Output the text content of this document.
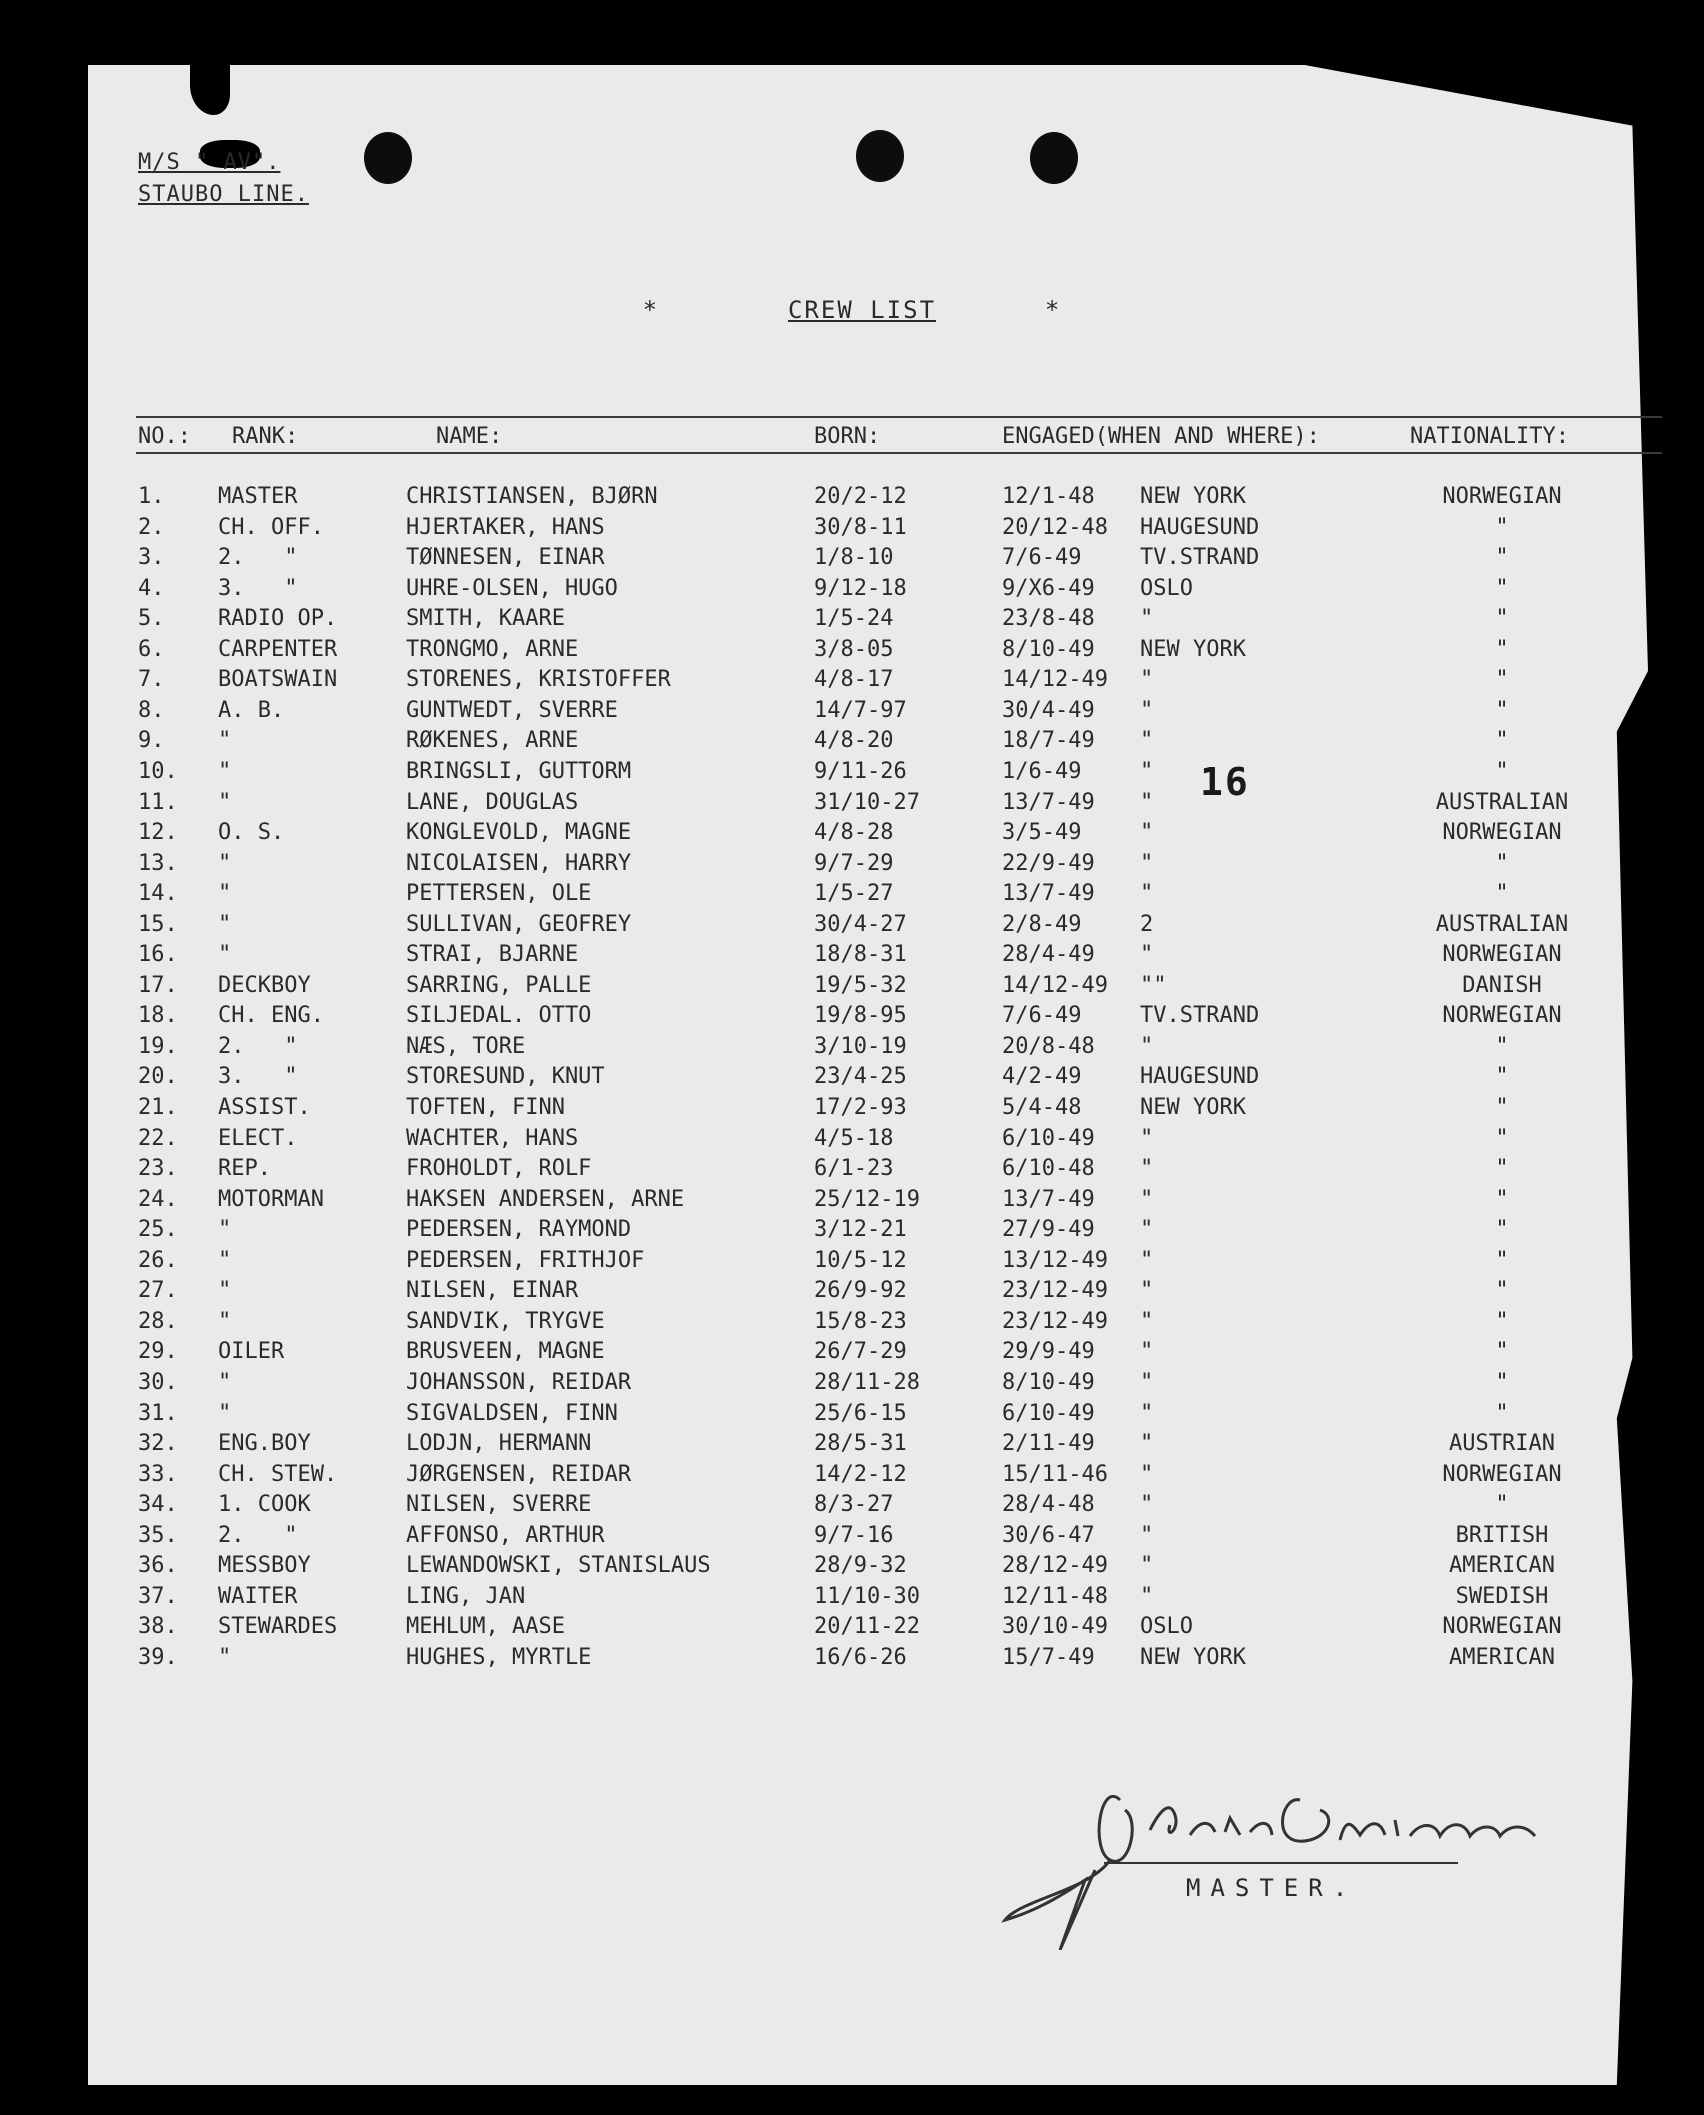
M/S " AV".
STAUBO LINE.
*	CREW LIST	*
NO.: RANK:	NAME:	BORN:	ENGAGED(WHEN AND WHERE):	NATIONALITY:
1. MASTER	CHRISTIANSEN, BJØRN	20/2-12	12/1-48 NEW YORK	NORWEGIAN
2. CH. OFF.	HJERTAKER, HANS	30/8-11	20/12-48 HAUGESUND	"
3. 2.   "	TØNNESEN, EINAR	1/8-10	7/6-49	TV.STRAND	"
4. 3.   "	UHRE-OLSEN, HUGO	9/12-18	9/X6-49 OSLO	"
5. RADIO OP.	SMITH, KAARE	1/5-24	23/8-48 "	"
6. CARPENTER	TRONGMO, ARNE	3/8-05	8/10-49 NEW YORK	"
7. BOATSWAIN	STORENES, KRISTOFFER	4/8-17	14/12-49 "	"
8. A. B.	GUNTWEDT, SVERRE	14/7-97	30/4-49 "	"
9. "	RØKENES, ARNE	4/8-20	18/7-49 "	"
10. "	BRINGSLI, GUTTORM	9/11-26	1/6-49	"	"
11. "	LANE, DOUGLAS	31/10-27	13/7-49 "	AUSTRALIAN
12. O. S.	KONGLEVOLD, MAGNE	4/8-28	3/5-49	"	NORWEGIAN
13. "	NICOLAISEN, HARRY	9/7-29	22/9-49 "	"
14. "	PETTERSEN, OLE	1/5-27	13/7-49 "	"
15. "	SULLIVAN, GEOFREY	30/4-27	2/8-49	2	AUSTRALIAN
16. "	STRAI, BJARNE	18/8-31	28/4-49 "	NORWEGIAN
17. DECKBOY	SARRING, PALLE	19/5-32	14/12-49 ""	DANISH
18. CH. ENG.	SILJEDAL. OTTO	19/8-95	7/6-49	TV.STRAND	NORWEGIAN
19. 2.   "	NÆS, TORE	3/10-19	20/8-48 "	"
20. 3.   "	STORESUND, KNUT	23/4-25	4/2-49	HAUGESUND	"
21. ASSIST.	TOFTEN, FINN	17/2-93	5/4-48	NEW YORK	"
22. ELECT.	WACHTER, HANS	4/5-18	6/10-49 "	"
23. REP.	FROHOLDT, ROLF	6/1-23	6/10-48 "	"
24. MOTORMAN	HAKSEN ANDERSEN, ARNE	25/12-19	13/7-49 "	"
25. "	PEDERSEN, RAYMOND	3/12-21	27/9-49 "	"
26. "	PEDERSEN, FRITHJOF	10/5-12	13/12-49 "	"
27. "	NILSEN, EINAR	26/9-92	23/12-49 "	"
28. "	SANDVIK, TRYGVE	15/8-23	23/12-49 "	"
29. OILER	BRUSVEEN, MAGNE	26/7-29	29/9-49 "	"
30. "	JOHANSSON, REIDAR	28/11-28	8/10-49 "	"
31. "	SIGVALDSEN, FINN	25/6-15	6/10-49 "	"
32. ENG.BOY	LODJN, HERMANN	28/5-31	2/11-49 "	AUSTRIAN
33. CH. STEW.	JØRGENSEN, REIDAR	14/2-12	15/11-46 "	NORWEGIAN
34. 1. COOK	NILSEN, SVERRE	8/3-27	28/4-48 "	"
35. 2.   "	AFFONSO, ARTHUR	9/7-16	30/6-47 "	BRITISH
36. MESSBOY	LEWANDOWSKI, STANISLAUS	28/9-32	28/12-49 "	AMERICAN
37. WAITER	LING, JAN	11/10-30	12/11-48 "	SWEDISH
38. STEWARDES	MEHLUM, AASE	20/11-22	30/10-49 OSLO	NORWEGIAN
39. "	HUGHES, MYRTLE	16/6-26	15/7-49 NEW YORK	AMERICAN
16
MASTER.
